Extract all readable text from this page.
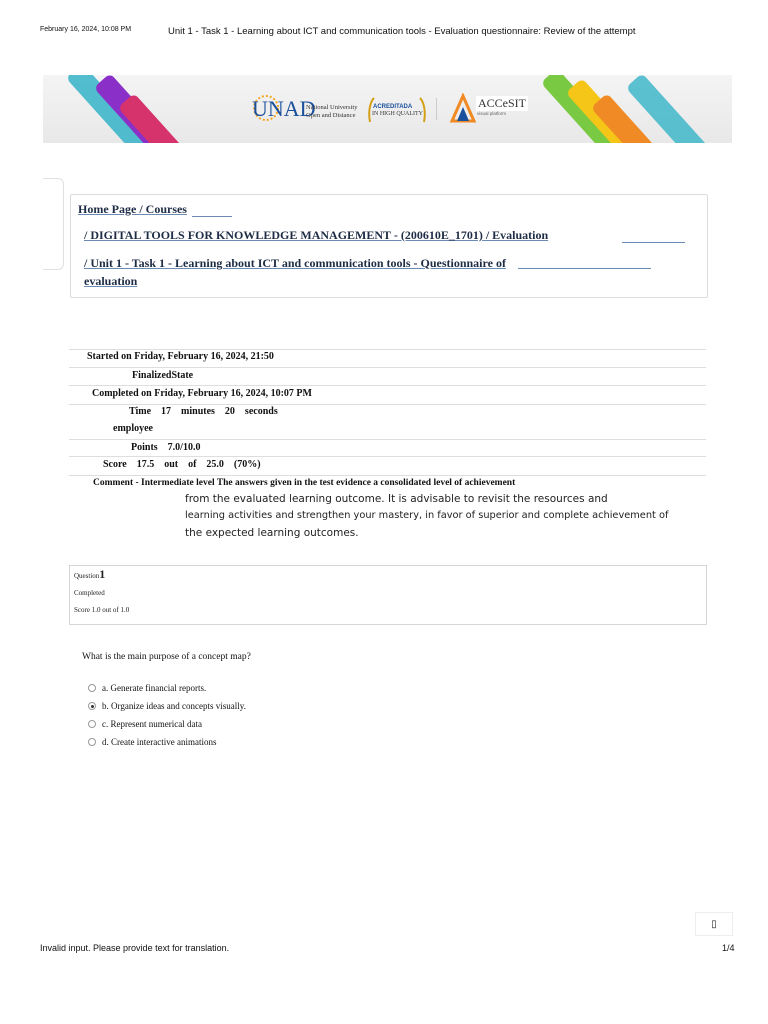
February 16, 2024, 10:08 PM	Unit 1 - Task 1 - Learning about ICT and communication tools - Evaluation questionnaire: Review of the attempt
UNAD
National University
Open and Distance
ACREDITADA
IN HIGH QUALITY
ACCeSIT
visual platform
Home Page / Courses
/ DIGITAL TOOLS FOR KNOWLEDGE MANAGEMENT - (200610E_1701) / Evaluation
/ Unit 1 - Task 1 - Learning about ICT and communication tools - Questionnaire of
evaluation
Started on Friday, February 16, 2024, 21:50
FinalizedState
Completed on Friday, February 16, 2024, 10:07 PM
Time    17    minutes    20    seconds
employee
Points    7.0/10.0
Score    17.5    out    of    25.0    (70%)
Comment - Intermediate level The answers given in the test evidence a consolidated level of achievement
from the evaluated learning outcome. It is advisable to revisit the resources and
learning activities and strengthen your mastery, in favor of superior and complete achievement of
the expected learning outcomes.
Question1
Completed
Score 1.0 out of 1.0
What is the main purpose of a concept map?
a. Generate financial reports.
b. Organize ideas and concepts visually.
c. Represent numerical data
d. Create interactive animations
▯
Invalid input. Please provide text for translation.	1/4
